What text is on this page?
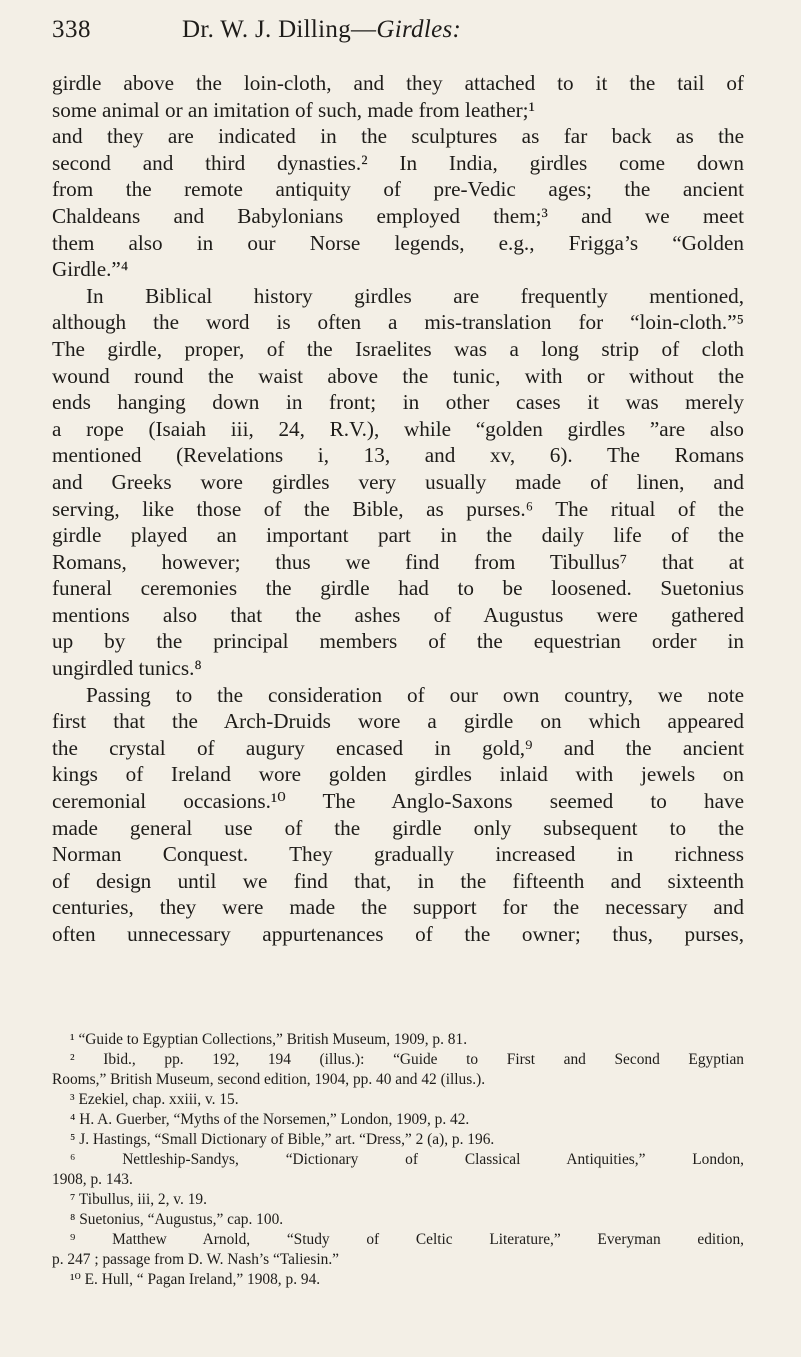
338	Dr. W. J. Dilling—Girdles:
girdle above the loin-cloth, and they attached to it the tail of
some animal or an imitation of such, made from leather;¹
and they are indicated in the sculptures as far back as the
second and third dynasties.² In India, girdles come down
from the remote antiquity of pre-Vedic ages; the ancient
Chaldeans and Babylonians employed them;³ and we meet
them also in our Norse legends, e.g., Frigga’s “Golden
Girdle.”⁴
In Biblical history girdles are frequently mentioned,
although the word is often a mis-translation for “loin-cloth.”⁵
The girdle, proper, of the Israelites was a long strip of cloth
wound round the waist above the tunic, with or without the
ends hanging down in front; in other cases it was merely
a rope (Isaiah iii, 24, R.V.), while “golden girdles ”are also
mentioned (Revelations i, 13, and xv, 6). The Romans
and Greeks wore girdles very usually made of linen, and
serving, like those of the Bible, as purses.⁶ The ritual of the
girdle played an important part in the daily life of the
Romans, however; thus we find from Tibullus⁷ that at
funeral ceremonies the girdle had to be loosened. Suetonius
mentions also that the ashes of Augustus were gathered
up by the principal members of the equestrian order in
ungirdled tunics.⁸
Passing to the consideration of our own country, we note
first that the Arch-Druids wore a girdle on which appeared
the crystal of augury encased in gold,⁹ and the ancient
kings of Ireland wore golden girdles inlaid with jewels on
ceremonial occasions.¹⁰ The Anglo-Saxons seemed to have
made general use of the girdle only subsequent to the
Norman Conquest. They gradually increased in richness
of design until we find that, in the fifteenth and sixteenth
centuries, they were made the support for the necessary and
often unnecessary appurtenances of the owner; thus, purses,
¹ “Guide to Egyptian Collections,” British Museum, 1909, p. 81.
² Ibid., pp. 192, 194 (illus.): “Guide to First and Second Egyptian
Rooms,” British Museum, second edition, 1904, pp. 40 and 42 (illus.).
³ Ezekiel, chap. xxiii, v. 15.
⁴ H. A. Guerber, “Myths of the Norsemen,” London, 1909, p. 42.
⁵ J. Hastings, “Small Dictionary of Bible,” art. “Dress,” 2 (a), p. 196.
⁶ Nettleship-Sandys, “Dictionary of Classical Antiquities,” London,
1908, p. 143.
⁷ Tibullus, iii, 2, v. 19.
⁸ Suetonius, “Augustus,” cap. 100.
⁹ Matthew Arnold, “Study of Celtic Literature,” Everyman edition,
p. 247 ; passage from D. W. Nash’s “Taliesin.”
¹⁰ E. Hull, “ Pagan Ireland,” 1908, p. 94.
